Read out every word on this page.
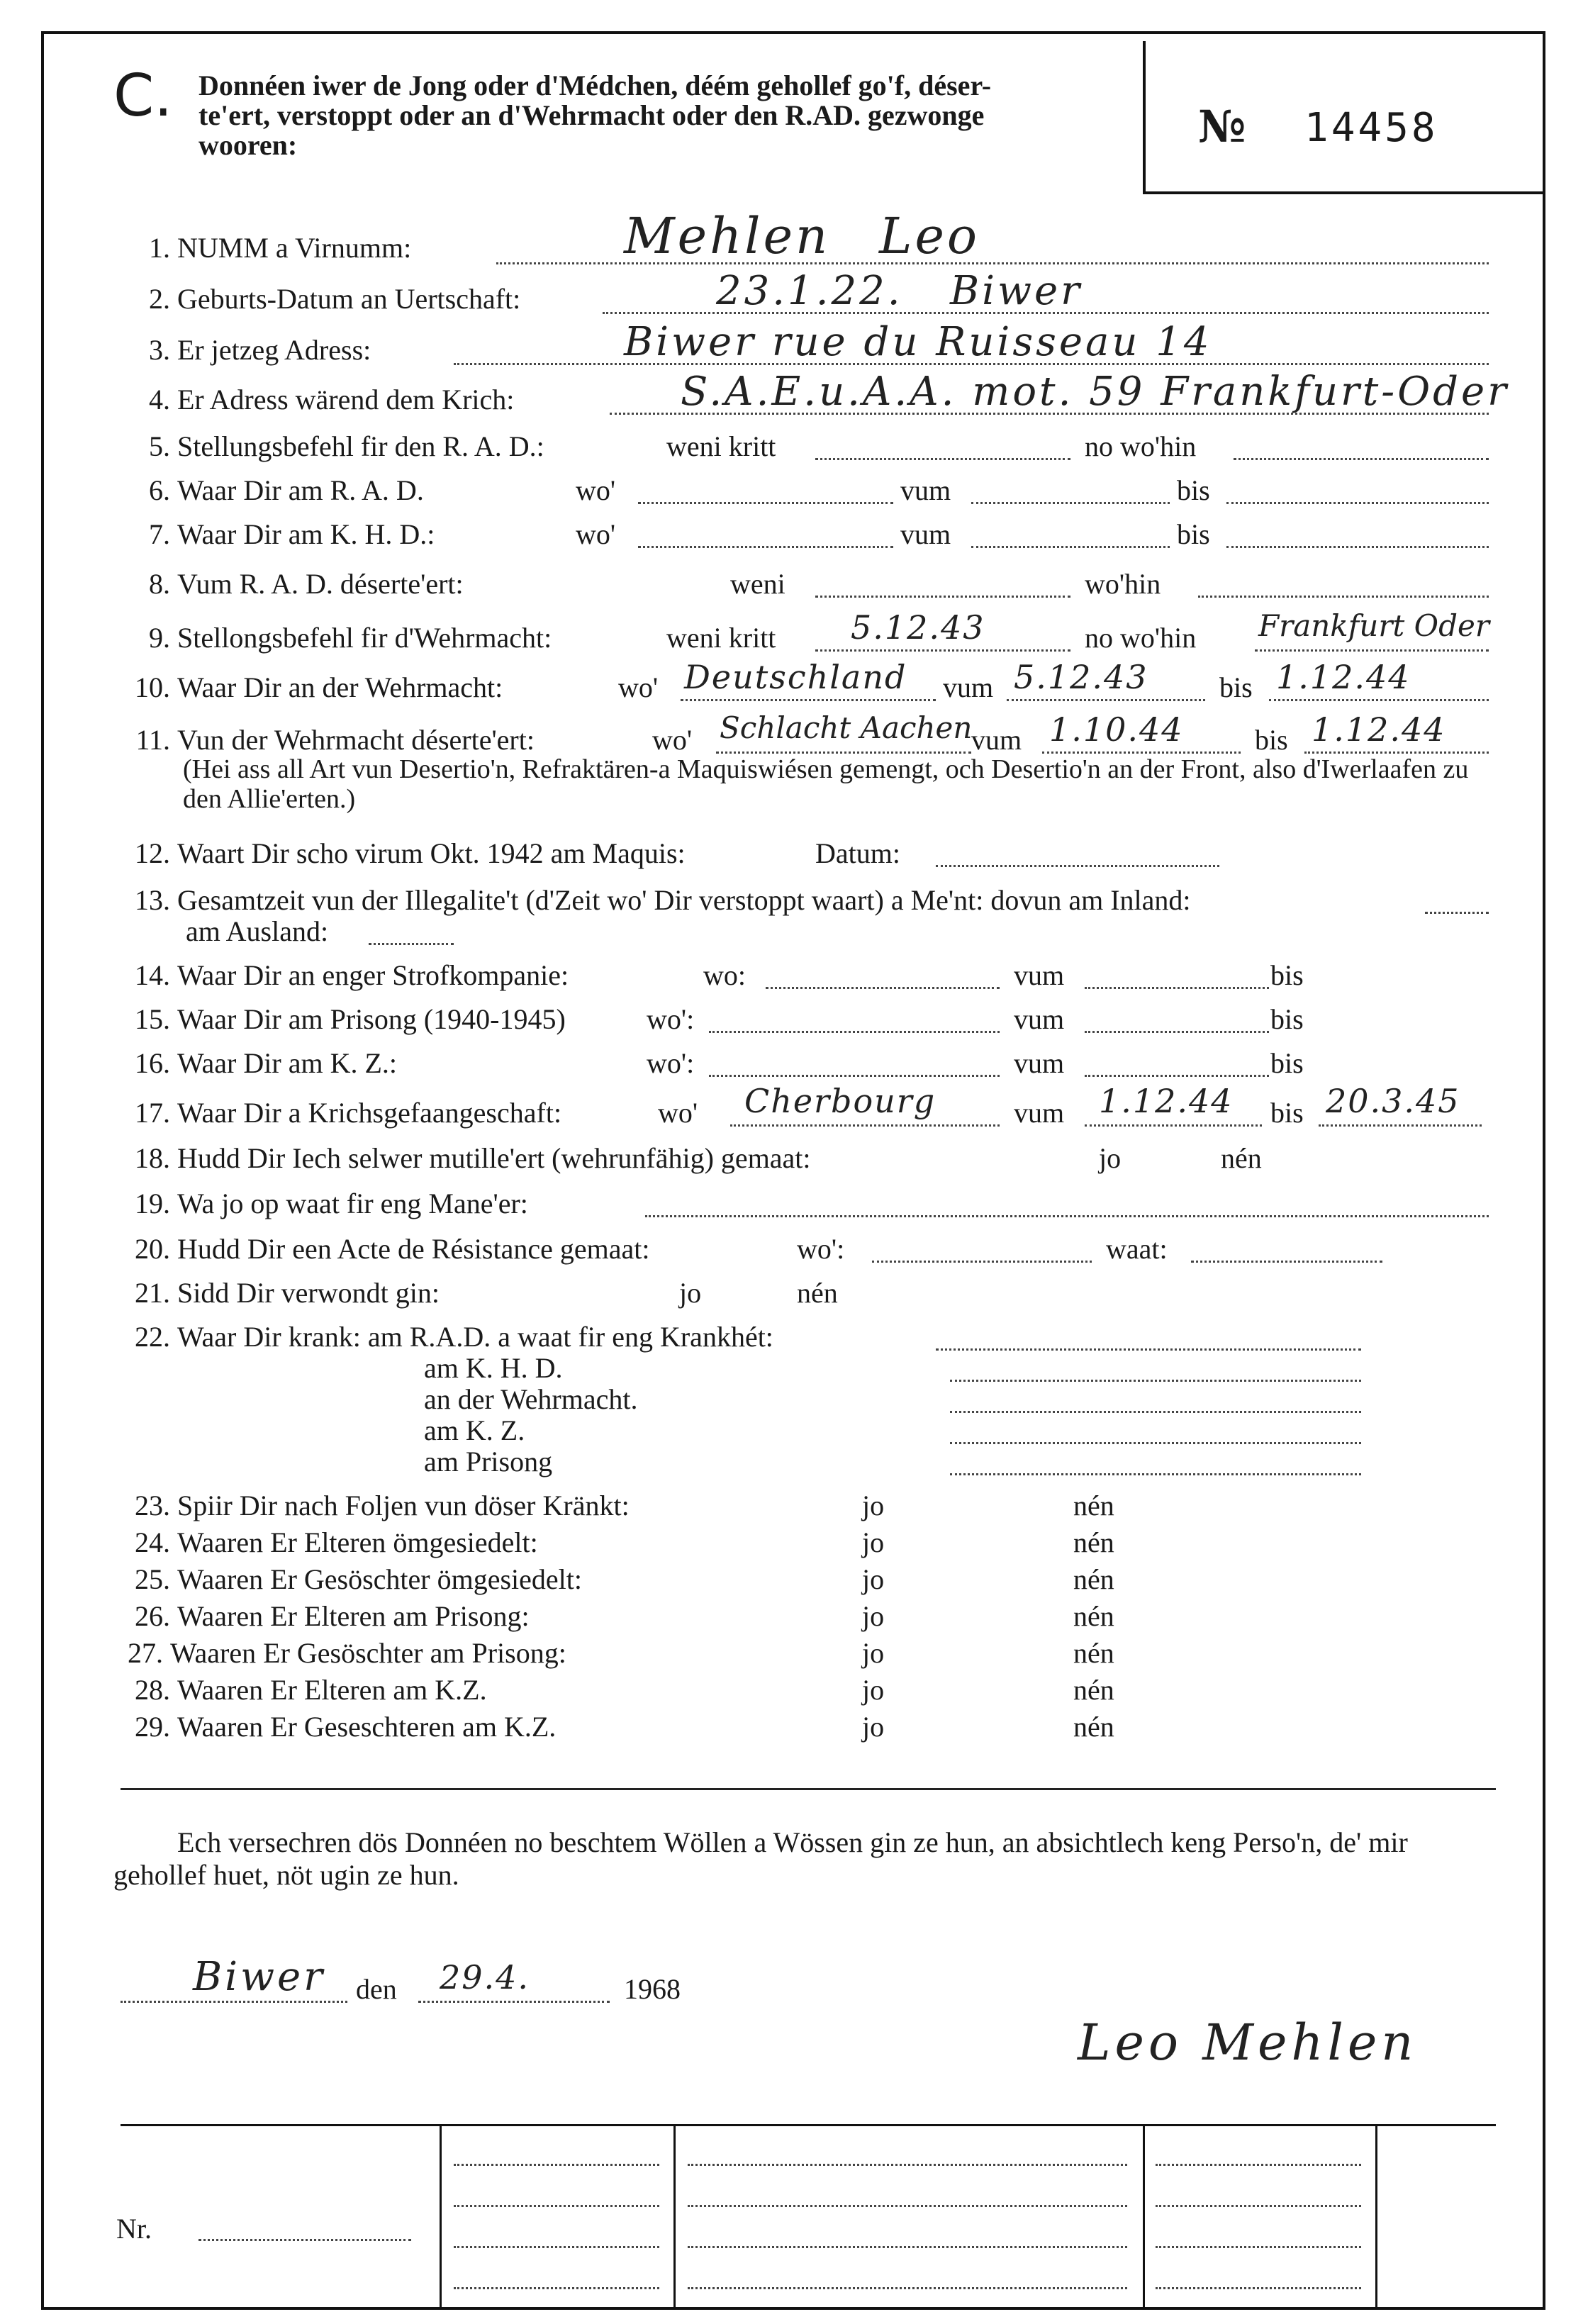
C. Donnéen iwer de Jong oder d'Médchen, déém gehollef go'f, déser-
te'ert, verstoppt oder an d'Wehrmacht oder den R.AD. gezwonge
wooren:	№ 14458
1. NUMM a Virnumm:	Mehlen Leo
2. Geburts-Datum an Uertschaft:	23.1.22. Biwer
3. Er jetzeg Adress:	Biwer rue du Ruisseau 14
4. Er Adress wärend dem Krich:	S.A.E.u.A.A. mot. 59 Frankfurt-Oder
5. Stellungsbefehl fir den R. A. D.:	weni kritt	no wo'hin
6. Waar Dir am R. A. D.	wo'	vum	bis
7. Waar Dir am K. H. D.:	wo'	vum	bis
8. Vum R. A. D. déserte'ert:	weni	wo'hin
9. Stellongsbefehl fir d'Wehrmacht:	weni kritt 5.12.43	no wo'hin Frankfurt Oder
10. Waar Dir an der Wehrmacht:	wo' Deutschland vum 5.12.43	bis 1.12.44
11. Vun der Wehrmacht déserte'ert:	wo' Schlacht Aachen
vum 1.10.44	bis 1.12.44
(Hei ass all Art vun Desertio'n, Refraktären-a Maquiswiésen gemengt, och Desertio'n an der Front, also d'Iwerlaafen zu den Allie'erten.)
12. Waart Dir scho virum Okt. 1942 am Maquis:	Datum:
13. Gesamtzeit vun der Illegalite't (d'Zeit wo' Dir verstoppt waart) a Me'nt: dovun am Inland:
am Ausland:
14. Waar Dir an enger Strofkompanie:	wo:	vum	bis
15. Waar Dir am Prisong (1940-1945)	wo':	vum	bis
16. Waar Dir am K. Z.:	wo':	vum	bis
17. Waar Dir a Krichsgefaangeschaft:	wo' Cherbourg	vum 1.12.44 bis 20.3.45
18. Hudd Dir Iech selwer mutille'ert (wehrunfähig) gemaat:	jo	nén
19. Wa jo op waat fir eng Mane'er:
20. Hudd Dir een Acte de Résistance gemaat:	wo':	waat:
21. Sidd Dir verwondt gin:	jo	nén
22. Waar Dir krank: am R.A.D. a waat fir eng Krankhét:
am K. H. D.
an der Wehrmacht.
am K. Z.
am Prisong
23. Spiir Dir nach Foljen vun döser Kränkt:	jo	nén
24. Waaren Er Elteren ömgesiedelt:	jo	nén
25. Waaren Er Gesöschter ömgesiedelt:	jo	nén
26. Waaren Er Elteren am Prisong:	jo	nén
27. Waaren Er Gesöschter am Prisong:	jo	nén
28. Waaren Er Elteren am K.Z.	jo	nén
29. Waaren Er Geseschteren am K.Z.	jo	nén
Ech versechren dös Donnéen no beschtem Wöllen a Wössen gin ze hun, an absichtlech keng Perso'n, de' mir gehollef huet, nöt ugin ze hun.
Biwer den 29.4.	1968
Leo Mehlen
Nr.
